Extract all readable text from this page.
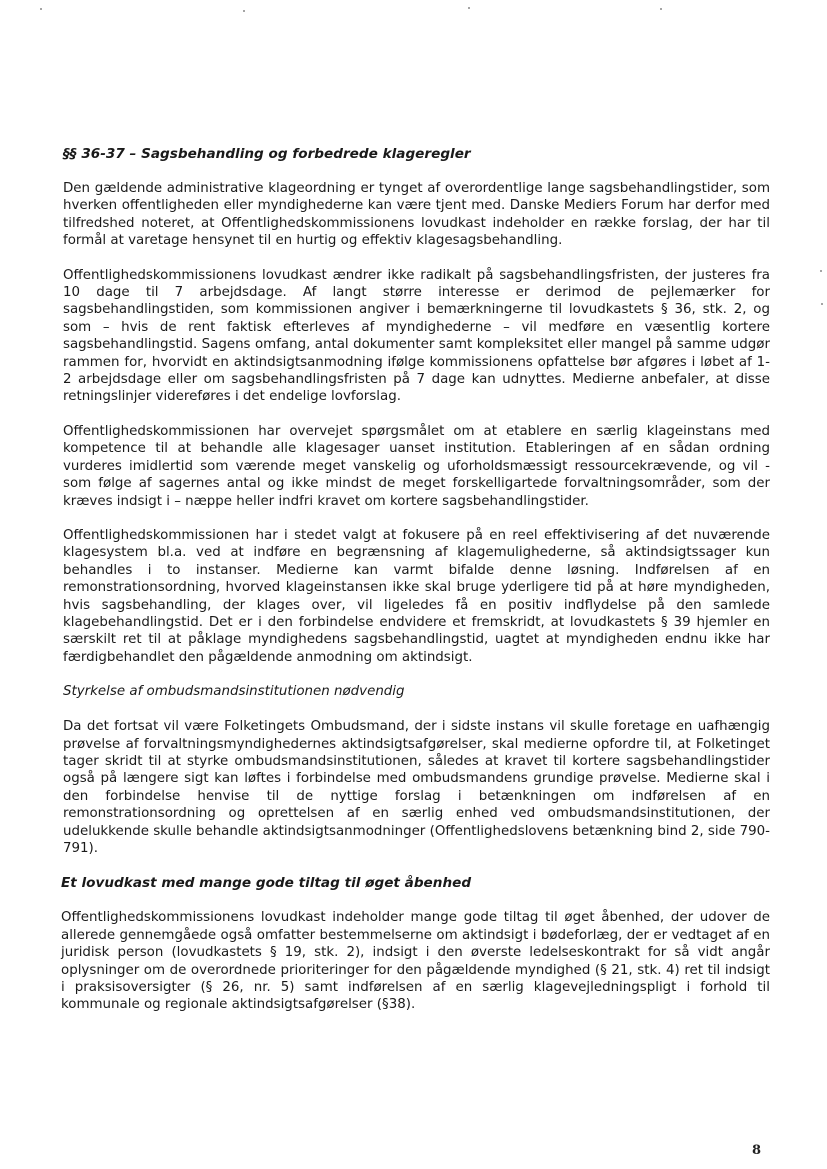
§§ 36-37 – Sagsbehandling og forbedrede klageregler

Den gældende administrative klageordning er tynget af overordentlige lange sagsbehandlingstider, som hverken offentligheden eller myndighederne kan være tjent med. Danske Mediers Forum har derfor med tilfredshed noteret, at Offentlighedskommissionens lovudkast indeholder en række forslag, der har til formål at varetage hensynet til en hurtig og effektiv klagesagsbehandling.

Offentlighedskommissionens lovudkast ændrer ikke radikalt på sagsbehandlingsfristen, der justeres fra 10 dage til 7 arbejdsdage. Af langt større interesse er derimod de pejlemærker for sagsbehandlingstiden, som kommissionen angiver i bemærkningerne til lovudkastets § 36, stk. 2, og som – hvis de rent faktisk efterleves af myndighederne – vil medføre en væsentlig kortere sagsbehandlingstid. Sagens omfang, antal dokumenter samt kompleksitet eller mangel på samme udgør rammen for, hvorvidt en aktindsigtsanmodning ifølge kommissionens opfattelse bør afgøres i løbet af 1-2 arbejdsdage eller om sagsbehandlingsfristen på 7 dage kan udnyttes. Medierne anbefaler, at disse retningslinjer videreføres i det endelige lovforslag.

Offentlighedskommissionen har overvejet spørgsmålet om at etablere en særlig klageinstans med kompetence til at behandle alle klagesager uanset institution. Etableringen af en sådan ordning vurderes imidlertid som værende meget vanskelig og uforholdsmæssigt ressourcekrævende, og vil - som følge af sagernes antal og ikke mindst de meget forskelligartede forvaltningsområder, som der kræves indsigt i – næppe heller indfri kravet om kortere sagsbehandlingstider.

Offentlighedskommissionen har i stedet valgt at fokusere på en reel effektivisering af det nuværende klagesystem bl.a. ved at indføre en begrænsning af klagemulighederne, så aktindsigtssager kun behandles i to instanser. Medierne kan varmt bifalde denne løsning. Indførelsen af en remonstrationsordning, hvorved klageinstansen ikke skal bruge yderligere tid på at høre myndigheden, hvis sagsbehandling, der klages over, vil ligeledes få en positiv indflydelse på den samlede klagebehandlingstid. Det er i den forbindelse endvidere et fremskridt, at lovudkastets § 39 hjemler en særskilt ret til at påklage myndighedens sagsbehandlingstid, uagtet at myndigheden endnu ikke har færdigbehandlet den pågældende anmodning om aktindsigt.

Styrkelse af ombudsmandsinstitutionen nødvendig

Da det fortsat vil være Folketingets Ombudsmand, der i sidste instans vil skulle foretage en uafhængig prøvelse af forvaltningsmyndighedernes aktindsigtsafgørelser, skal medierne opfordre til, at Folketinget tager skridt til at styrke ombudsmandsinstitutionen, således at kravet til kortere sagsbehandlingstider også på længere sigt kan løftes i forbindelse med ombudsmandens grundige prøvelse. Medierne skal i den forbindelse henvise til de nyttige forslag i betænkningen om indførelsen af en remonstrationsordning og oprettelsen af en særlig enhed ved ombudsmandsinstitutionen, der udelukkende skulle behandle aktindsigtsanmodninger (Offentlighedslovens betænkning bind 2, side 790-791).

Et lovudkast med mange gode tiltag til øget åbenhed

Offentlighedskommissionens lovudkast indeholder mange gode tiltag til øget åbenhed, der udover de allerede gennemgåede også omfatter bestemmelserne om aktindsigt i bødeforlæg, der er vedtaget af en juridisk person (lovudkastets § 19, stk. 2), indsigt i den øverste ledelseskontrakt for så vidt angår oplysninger om de overordnede prioriteringer for den pågældende myndighed (§ 21, stk. 4) ret til indsigt i praksisoversigter (§ 26, nr. 5) samt indførelsen af en særlig klagevejledningspligt i forhold til kommunale og regionale aktindsigtsafgørelser (§38).

8
